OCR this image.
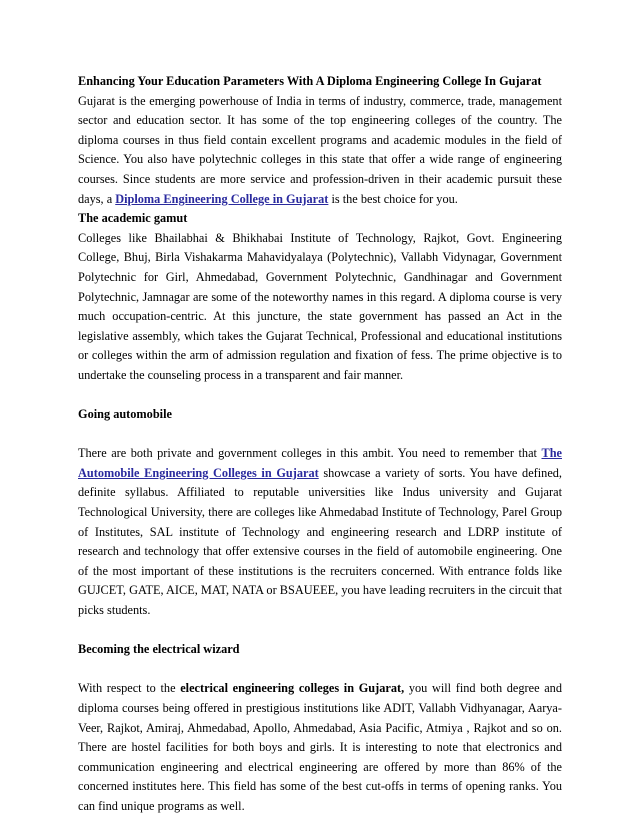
Enhancing Your Education Parameters With A Diploma Engineering College In Gujarat

Gujarat is the emerging powerhouse of India in terms of industry, commerce, trade, management sector and education sector. It has some of the top engineering colleges of the country. The diploma courses in thus field contain excellent programs and academic modules in the field of Science. You also have polytechnic colleges in this state that offer a wide range of engineering courses. Since students are more service and profession-driven in their academic pursuit these days, a Diploma Engineering College in Gujarat is the best choice for you.

The academic gamut

Colleges like Bhailabhai & Bhikhabai Institute of Technology, Rajkot, Govt. Engineering College, Bhuj, Birla Vishakarma Mahavidyalaya (Polytechnic), Vallabh Vidynagar, Government Polytechnic for Girl, Ahmedabad, Government Polytechnic, Gandhinagar and Government Polytechnic, Jamnagar are some of the noteworthy names in this regard. A diploma course is very much occupation-centric. At this juncture, the state government has passed an Act in the legislative assembly, which takes the Gujarat Technical, Professional and educational institutions or colleges within the arm of admission regulation and fixation of fess. The prime objective is to undertake the counseling process in a transparent and fair manner.

Going automobile

There are both private and government colleges in this ambit. You need to remember that The Automobile Engineering Colleges in Gujarat showcase a variety of sorts. You have defined, definite syllabus. Affiliated to reputable universities like Indus university and Gujarat Technological University, there are colleges like Ahmedabad Institute of Technology, Parel Group of Institutes, SAL institute of Technology and engineering research and LDRP institute of research and technology that offer extensive courses in the field of automobile engineering. One of the most important of these institutions is the recruiters concerned. With entrance folds like GUJCET, GATE, AICE, MAT, NATA or BSAUEEE, you have leading recruiters in the circuit that picks students.

Becoming the electrical wizard

With respect to the electrical engineering colleges in Gujarat, you will find both degree and diploma courses being offered in prestigious institutions like ADIT, Vallabh Vidhyanagar, Aarya-Veer, Rajkot, Amiraj, Ahmedabad, Apollo, Ahmedabad, Asia Pacific, Atmiya , Rajkot and so on. There are hostel facilities for both boys and girls. It is interesting to note that electronics and communication engineering and electrical engineering are offered by more than 86% of the concerned institutes here. This field has some of the best cut-offs in terms of opening ranks. You can find unique programs as well.
